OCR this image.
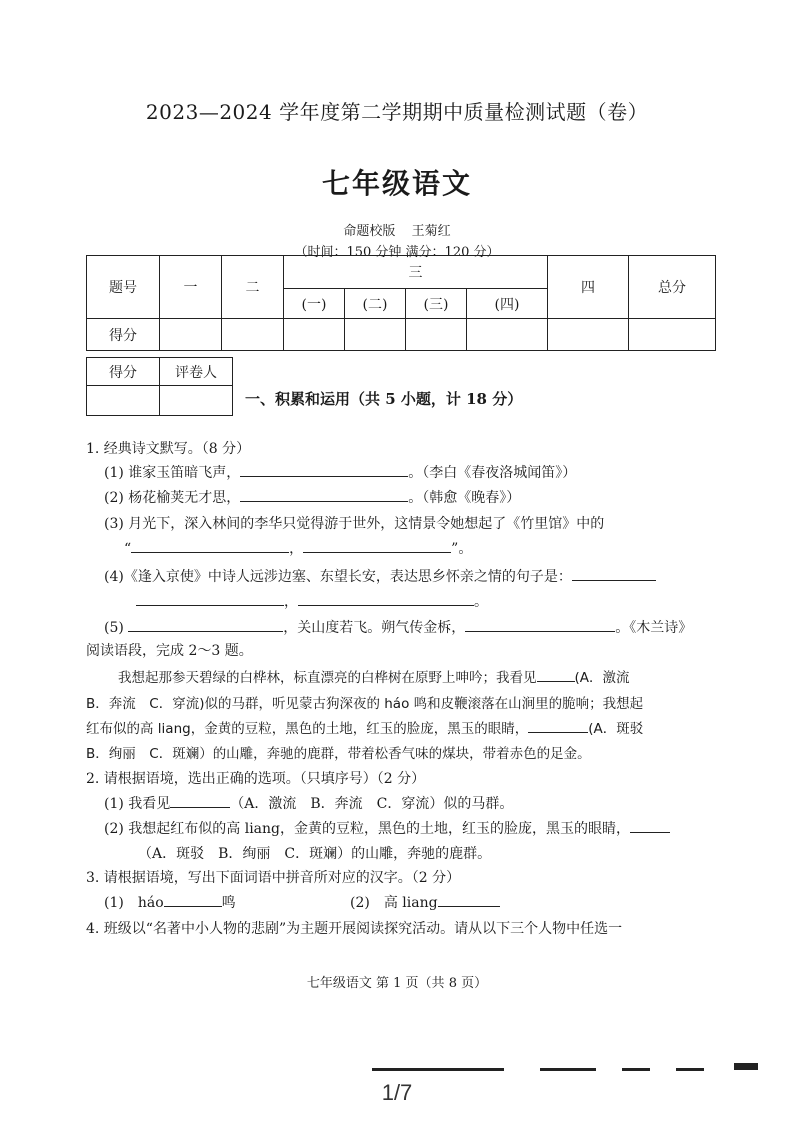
2023—2024 学年度第二学期期中质量检测试题（卷）
七年级语文
命题校版 王菊红
（时间：150 分钟 满分：120 分）
题号	一	二	三				四	总分
			(一)	(二)	(三)	(四)		
得分								
得分	评卷人

一、积累和运用（共 5 小题，计 18 分）
1. 经典诗文默写。（8 分）
(1) 谁家玉笛暗飞声，	。（李白《春夜洛城闻笛》）
(2) 杨花榆荚无才思，	。（韩愈《晚春》）
(3) 月光下，深入林间的李华只觉得游于世外，这情景令她想起了《竹里馆》中的
“	，	”。
(4)《逢入京使》中诗人远涉边塞、东望长安，表达思乡怀亲之情的句子是：
，	。
(5)	，关山度若飞。朔气传金柝，	。《木兰诗》
阅读语段，完成 2～3 题。
我想起那参天碧绿的白桦林，标直漂亮的白桦树在原野上呻吟；我看见	(A．激流
B．奔流　C．穿流)似的马群，听见蒙古狗深夜的 háo 鸣和皮鞭滚落在山涧里的脆响；我想起
红布似的高 liang，金黄的豆粒，黑色的土地，红玉的脸庞，黑玉的眼睛，	(A．斑驳
B．绚丽　C．斑斓）的山雕，奔驰的鹿群，带着松香气味的煤块，带着赤色的足金。
2. 请根据语境，选出正确的选项。（只填序号）（2 分）
(1) 我看见	（A．激流　B．奔流　C．穿流）似的马群。
(2) 我想起红布似的高 liang，金黄的豆粒，黑色的土地，红玉的脸庞，黑玉的眼睛，
（A．斑驳　B．绚丽　C．斑斓）的山雕，奔驰的鹿群。
3. 请根据语境，写出下面词语中拼音所对应的汉字。（2 分）
(1)　háo	鸣	(2)　高 liang
4. 班级以“名著中小人物的悲剧”为主题开展阅读探究活动。请从以下三个人物中任选一
七年级语文 第 1 页（共 8 页）
1/7
